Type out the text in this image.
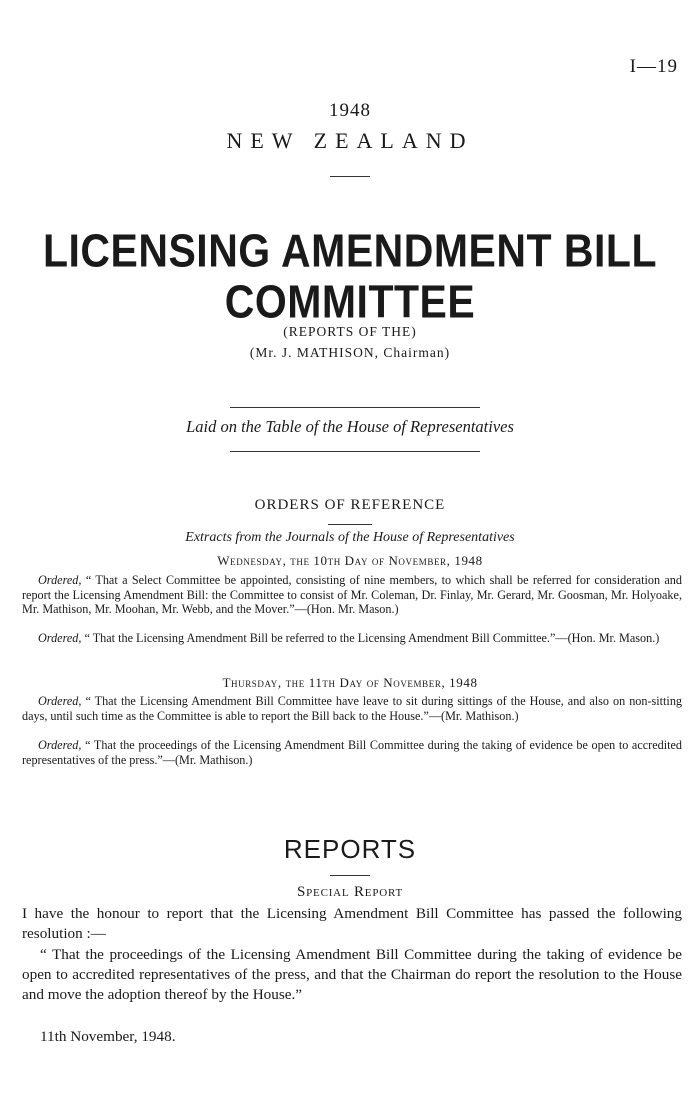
I—19
1948
NEW ZEALAND
LICENSING AMENDMENT BILL
COMMITTEE
(REPORTS OF THE)
(Mr. J. MATHISON, Chairman)
Laid on the Table of the House of Representatives
ORDERS OF REFERENCE
Extracts from the Journals of the House of Representatives
Wednesday, the 10th Day of November, 1948
Ordered, “ That a Select Committee be appointed, consisting of nine members, to which shall be referred for consideration and report the Licensing Amendment Bill: the Committee to consist of Mr. Coleman, Dr. Finlay, Mr. Gerard, Mr. Goosman, Mr. Holyoake, Mr. Mathison, Mr. Moohan, Mr. Webb, and the Mover.”—(Hon. Mr. Mason.)
Ordered, “ That the Licensing Amendment Bill be referred to the Licensing Amendment Bill Committee.”—(Hon. Mr. Mason.)
Thursday, the 11th Day of November, 1948
Ordered, “ That the Licensing Amendment Bill Committee have leave to sit during sittings of the House, and also on non-sitting days, until such time as the Committee is able to report the Bill back to the House.”—(Mr. Mathison.)
Ordered, “ That the proceedings of the Licensing Amendment Bill Committee during the taking of evidence be open to accredited representatives of the press.”—(Mr. Mathison.)
REPORTS
Special Report
I have the honour to report that the Licensing Amendment Bill Committee has passed the following resolution :—
“ That the proceedings of the Licensing Amendment Bill Committee during the taking of evidence be open to accredited representatives of the press, and that the Chairman do report the resolution to the House and move the adoption thereof by the House.”
11th November, 1948.
